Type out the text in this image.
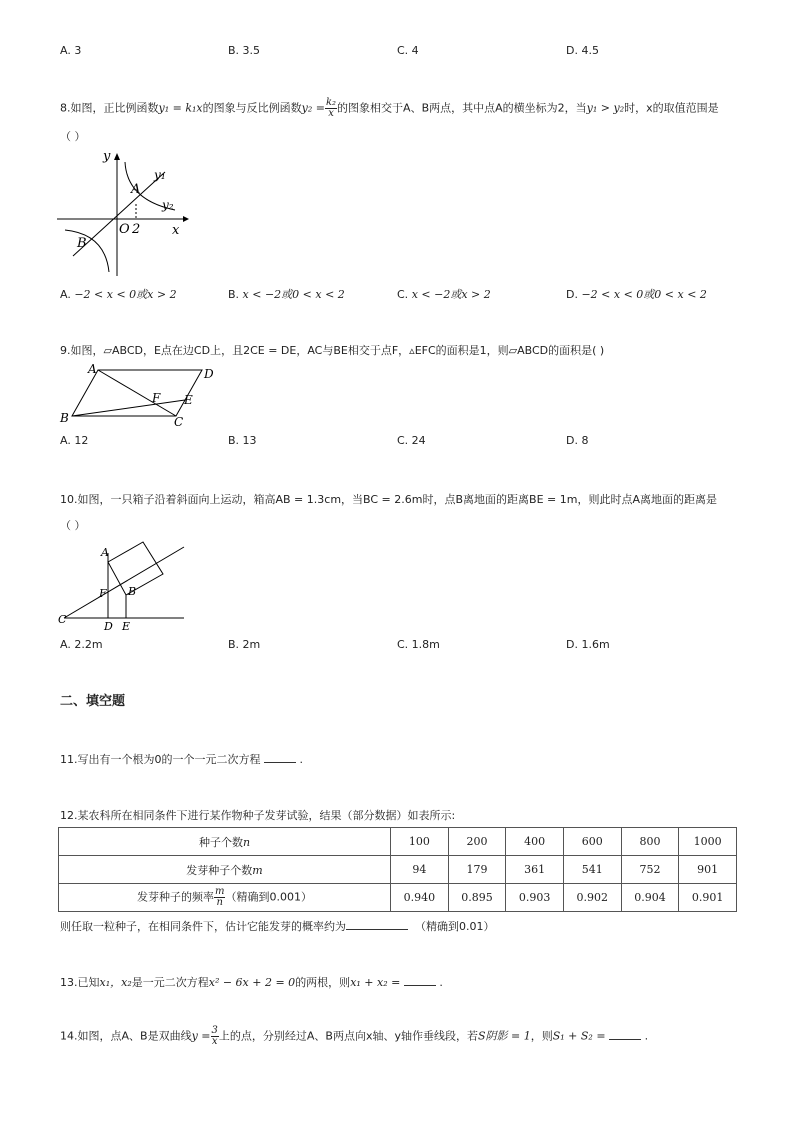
A. 3	B. 3.5	C. 4	D. 4.5
8.如图，正比例函数y₁ = k₁x的图象与反比例函数$y_2 = \frac{\text{k₂}}{x}$ 的图象相交于A、B两点，其中点A的横坐标为2，当y₁ > y₂时，x的取值范围是
（ ）
y
x
O 2
A
B
y₁
y₂
A. −2 < x < 0或x > 2	B. x < −2或0 < x < 2	C. x < −2或x > 2	D. −2 < x < 0或0 < x < 2
9.如图，▱ABCD，E点在边CD上，且2CE = DE，AC与BE相交于点F，▵EFC的面积是1，则▱ABCD的面积是( )
A	D
B	C
E
F
A. 12	B. 13	C. 24	D. 8
10.如图，一只箱子沿着斜面向上运动，箱高AB = 1.3cm，当BC = 2.6m时，点B离地面的距离BE = 1m，则此时点A离地面的距离是
（ ）
A
B
C
D E
F
A. 2.2m	B. 2m	C. 1.8m	D. 1.6m
二、填空题
11.写出有一个根为0的一个一元二次方程	.
12.某农科所在相同条件下进行某作物种子发芽试验，结果（部分数据）如表所示:
种子个数n	100	200	400	600	800	1000
发芽种子个数m	94	179	361	541	752	901
发芽种子的频率 $\frac{m}{n}$ （精确到0.001）	0.940	0.895	0.903	0.902	0.904	0.901
则任取一粒种子，在相同条件下，估计它能发芽的概率约为	（精确到0.01）
13.已知x₁，x₂是一元二次方程x² − 6x + 2 = 0的两根，则x₁ + x₂ =	.
14.如图，点A、B是双曲线$y = \frac{3}{x}$ 上的点，分别经过A、B两点向x轴、y轴作垂线段，若S阴影 = 1，则S₁ + S₂ =	.
